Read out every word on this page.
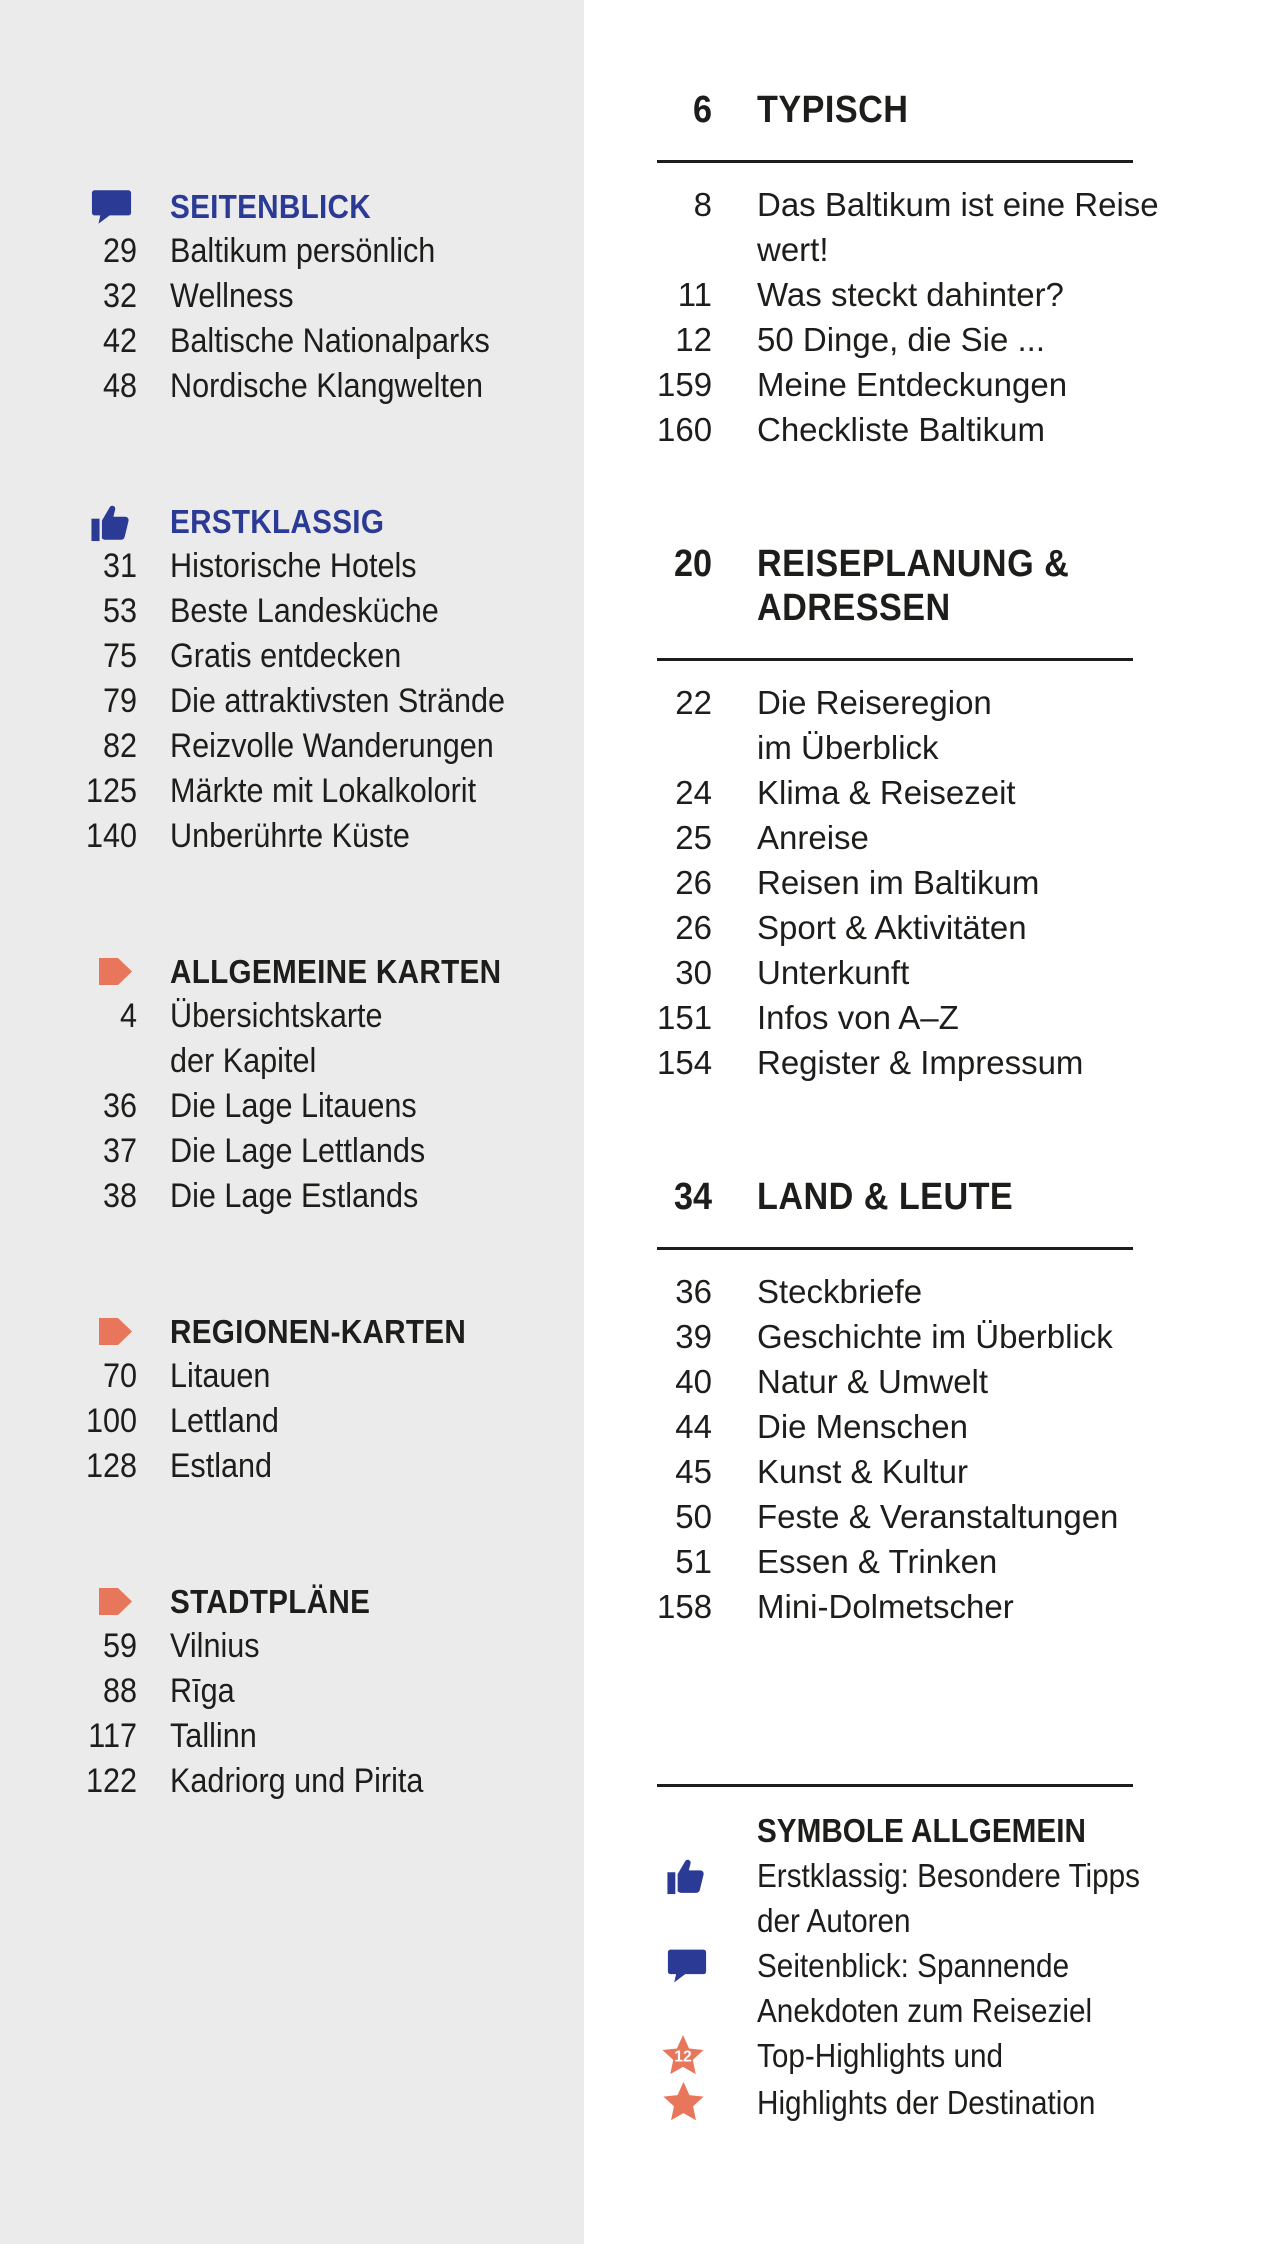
SEITENBLICK
29 Baltikum persönlich
32 Wellness
42 Baltische Nationalparks
48 Nordische Klangwelten
ERSTKLASSIG
31 Historische Hotels
53 Beste Landesküche
75 Gratis entdecken
79 Die attraktivsten Strände
82 Reizvolle Wanderungen
125 Märkte mit Lokalkolorit
140 Unberührte Küste
ALLGEMEINE KARTEN
4 Übersichtskarte
der Kapitel
36 Die Lage Litauens
37 Die Lage Lettlands
38 Die Lage Estlands
REGIONEN-KARTEN
70 Litauen
100 Lettland
128 Estland
STADTPLÄNE
59 Vilnius
88 Rīga
117 Tallinn
122 Kadriorg und Pirita
6 TYPISCH
8 Das Baltikum ist eine Reise
wert!
11 Was steckt dahinter?
12 50 Dinge, die Sie ...
159 Meine Entdeckungen
160 Checkliste Baltikum
20 REISEPLANUNG & ADRESSEN
22 Die Reiseregion
im Überblick
24 Klima & Reisezeit
25 Anreise
26 Reisen im Baltikum
26 Sport & Aktivitäten
30 Unterkunft
151 Infos von A–Z
154 Register & Impressum
34 LAND & LEUTE
36 Steckbriefe
39 Geschichte im Überblick
40 Natur & Umwelt
44 Die Menschen
45 Kunst & Kultur
50 Feste & Veranstaltungen
51 Essen & Trinken
158 Mini-Dolmetscher
SYMBOLE ALLGEMEIN
Erstklassig: Besondere Tipps
der Autoren
Seitenblick: Spannende
Anekdoten zum Reiseziel
12 Top-Highlights und
Highlights der Destination
